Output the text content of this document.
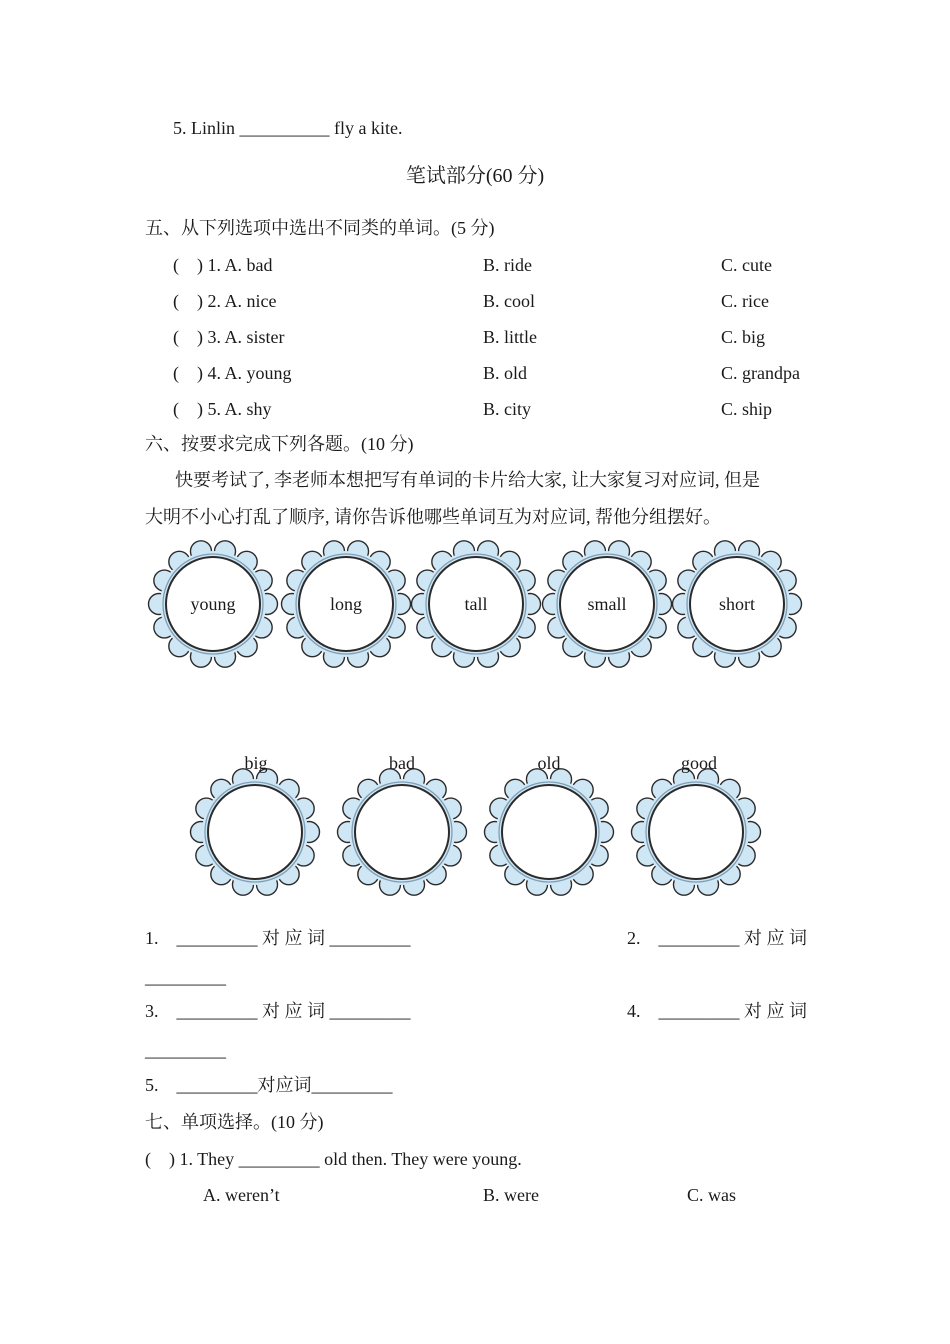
5. Linlin __________ fly a kite.
笔试部分(60 分)
五、从下列选项中选出不同类的单词。(5 分)
(　) 1. A. bad	B. ride	C. cute
(　) 2. A. nice	B. cool	C. rice
(　) 3. A. sister	B. little	C. big
(　) 4. A. young	B. old	C. grandpa
(　) 5. A. shy	B. city	C. ship
六、按要求完成下列各题。(10 分)
快要考试了, 李老师本想把写有单词的卡片给大家, 让大家复习对应词, 但是
大明不小心打乱了顺序, 请你告诉他哪些单词互为对应词, 帮他分组摆好。
young	long	tall	small	short
big	bad	old	good
1.　_________ 对 应 词 _________	2.　_________ 对 应 词
_________
3.　_________ 对 应 词 _________	4.　_________ 对 应 词
_________
5.　_________对应词_________
七、单项选择。(10 分)
(　) 1. They _________ old then. They were young.
A. weren’t	B. were	C. was
